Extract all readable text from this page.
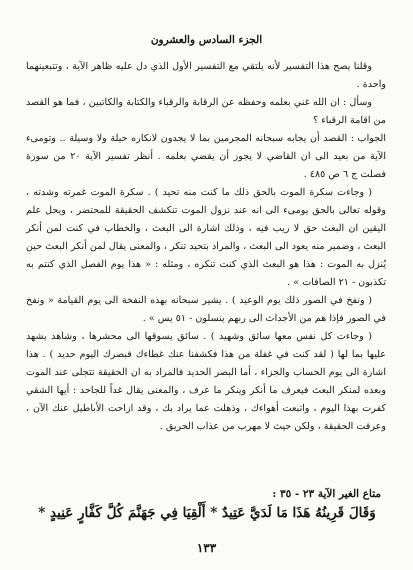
الجزء السادس والعشرون

وقلنا يصح هذا التفسير لأنه يلتقي مع التفسير الأول الذي دل عليه ظاهر الآية ، وتتبعينهما واحدة .

وسأل : ان الله غني بعلمه وحفظه عن الرقابة والرقباء والكتابة والكاتبين ، فما هو القصد من اقامة الرقباء ؟

الجواب : القصد أن يجابه سبحانه المجرمين بما لا يجدون لانكاره حيلة ولا وسيلة .. وتومىء الآية من بعيد الى ان القاضي لا يجوز أن يقضي بعلمه . أنظر تفسير الآية ٢٠ من سورة فصلت ج ٦ ص ٤٨٥ .

( وجاءت سكرة الموت بالحق ذلك ما كنت منه تحيد ) . سكرة الموت غمرته وشدته ، وقوله تعالى بالحق يومىء الى انه عند نزول الموت تنكشف الحقيقة للمحتضر ، ويحل علم اليقين ان البعث حق لا ريب فيه ، وذلك اشارة الى البعث ، والخطاب في كنت لمن أنكر البعث ، وضمير منه يعود الى البعث ، والمراد بتحيد تنكر ، والمعنى يقال لمن أنكر البعث حين يُنزل به الموت : هذا هو البعث الذي كنت تنكره ، ومثله : « هذا يوم الفصل الذي كنتم به تكذبون - ٢١ الصافات » .

( ونفخ في الصور ذلك يوم الوعيد ) . يشير سبحانه بهذه النفخة الى يوم القيامة « ونفخ في الصور فإذا هم من الأجداث الى ربهم ينسلون - ٥١ يس » .

( وجاءت كل نفس معها سائق وشهيد ) . سائق يسوقها الى محشرها ، وشاهد يشهد عليها بما لها ( لقد كنت في غفلة من هذا فكشفنا عنك غطاءك فبصرك اليوم حديد ) . هذا اشارة الى يوم الحساب والجزاء ، أما البصر الحديد فالمراد به ان الحقيقة تتجلى عند الموت وبعده لمنكر البعث فيعرف ما أنكر وينكر ما عرف ، والمعنى يقال غداً للجاحد : أيها الشقي كفرت بهذا اليوم ، واتبعت أهواءك ، وذهلت عما يراد بك ، وقد ازاحت الأباطيل عنك الآن ، وعرفت الحقيقة ، ولكن حيث لا مهرب من عذاب الحريق .

متاع الغير الآية ٢٣ - ٣٥ :
وَقَالَ قَرِينُهُ هَذَا مَا لَدَيَّ عَتِيدٌ * أَلْقِيَا فِي جَهَنَّمَ كُلَّ كَفَّارٍ عَنِيدٍ *
١٣٣
